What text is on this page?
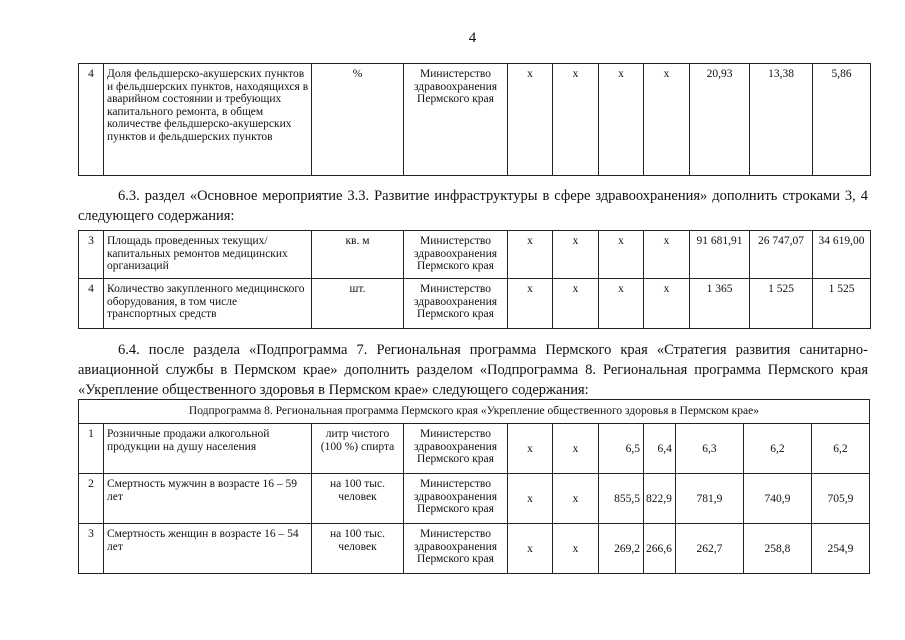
4
4	Доля фельдшерско-акушерских пунктов и фельдшерских пунктов, находящихся в аварийном состоянии и требующих капитального ремонта, в общем количестве фельдшерско-акушерских пунктов и фельдшерских пунктов	%	Министерство здравоохранения Пермского края	х	х	х	х	20,93	13,38	5,86
6.3. раздел «Основное мероприятие 3.3. Развитие инфраструктуры в сфере здравоохранения» дополнить строками 3, 4 следующего содержания:
3	Площадь проведенных текущих/капитальных ремонтов медицинских организаций	кв. м	Министерство здравоохранения Пермского края	х	х	х	х	91 681,91	26 747,07	34 619,00
4	Количество закупленного медицинского оборудования, в том числе транспортных средств	шт.	Министерство здравоохранения Пермского края	х	х	х	х	1 365	1 525	1 525
6.4. после раздела «Подпрограмма 7. Региональная программа Пермского края «Стратегия развития санитарно-авиационной службы в Пермском крае» дополнить разделом «Подпрограмма 8. Региональная программа Пермского края «Укрепление общественного здоровья в Пермском крае» следующего содержания:
Подпрограмма 8. Региональная программа Пермского края «Укрепление общественного здоровья в Пермском крае»										
1	Розничные продажи алкогольной продукции на душу населения	литр чистого (100 %) спирта	Министерство здравоохранения Пермского края	х	х	6,5	6,4	6,3	6,2	6,2
2	Смертность мужчин в возрасте 16 – 59 лет	на 100 тыс. человек	Министерство здравоохранения Пермского края	х	х	855,5	822,9	781,9	740,9	705,9
3	Смертность женщин в возрасте 16 – 54 лет	на 100 тыс. человек	Министерство здравоохранения Пермского края	х	х	269,2	266,6	262,7	258,8	254,9
